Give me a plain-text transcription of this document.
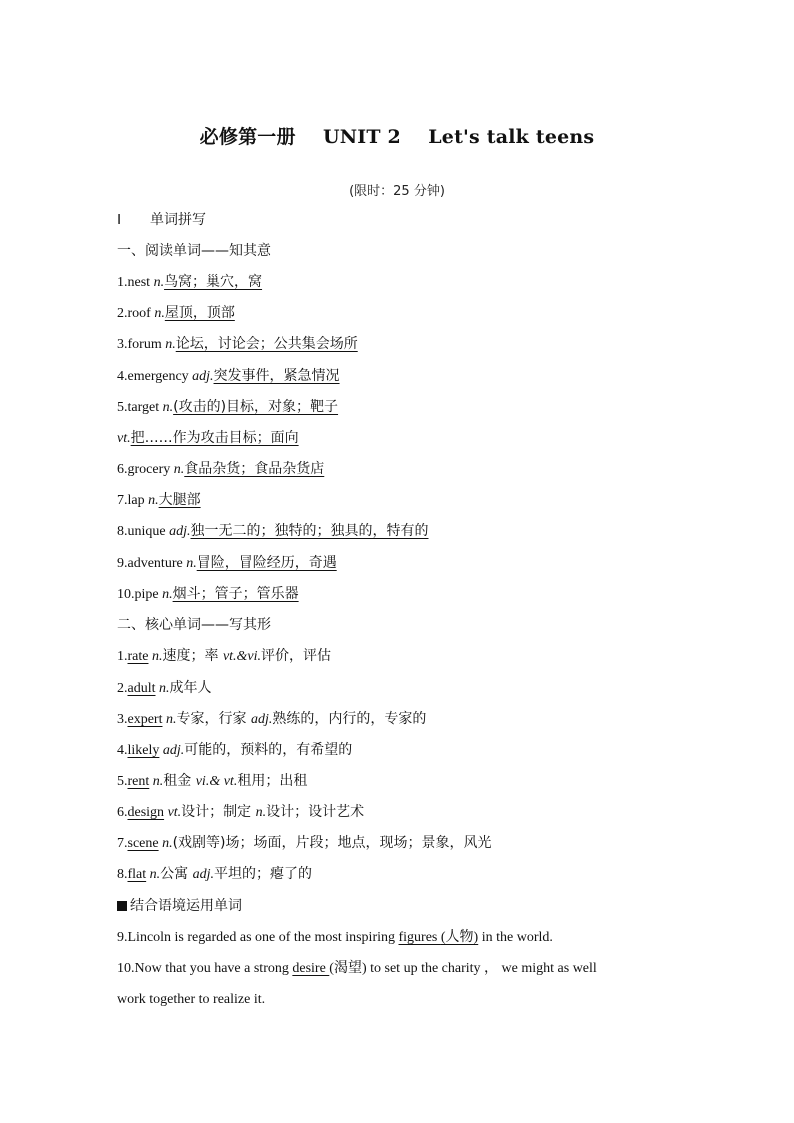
必修第一册 UNIT 2 Let's talk teens
(限时：25 分钟)
Ⅰ 单词拼写
一、阅读单词——知其意
1.nest n.鸟窝；巢穴，窝
2.roof n.屋顶，顶部
3.forum n.论坛，讨论会；公共集会场所
4.emergency adj.突发事件，紧急情况
5.target n.(攻击的)目标，对象；靶子
vt.把……作为攻击目标；面向
6.grocery n.食品杂货；食品杂货店
7.lap n.大腿部
8.unique adj.独一无二的；独特的；独具的，特有的
9.adventure n.冒险，冒险经历，奇遇
10.pipe n.烟斗；管子；管乐器
二、核心单词——写其形
1.rate n.速度；率 vt.&vi.评价，评估
2.adult n.成年人
3.expert n.专家，行家 adj.熟练的，内行的，专家的
4.likely adj.可能的，预料的，有希望的
5.rent n.租金 vi.& vt.租用；出租
6.design vt.设计；制定 n.设计；设计艺术
7.scene n.(戏剧等)场；场面，片段；地点，现场；景象，风光
8.flat n.公寓 adj.平坦的；瘪了的
结合语境运用单词
9.Lincoln is regarded as one of the most inspiring figures (人物) in the world.
10.Now that you have a strong desire (渴望) to set up the charity ， we might as well
work together to realize it.
